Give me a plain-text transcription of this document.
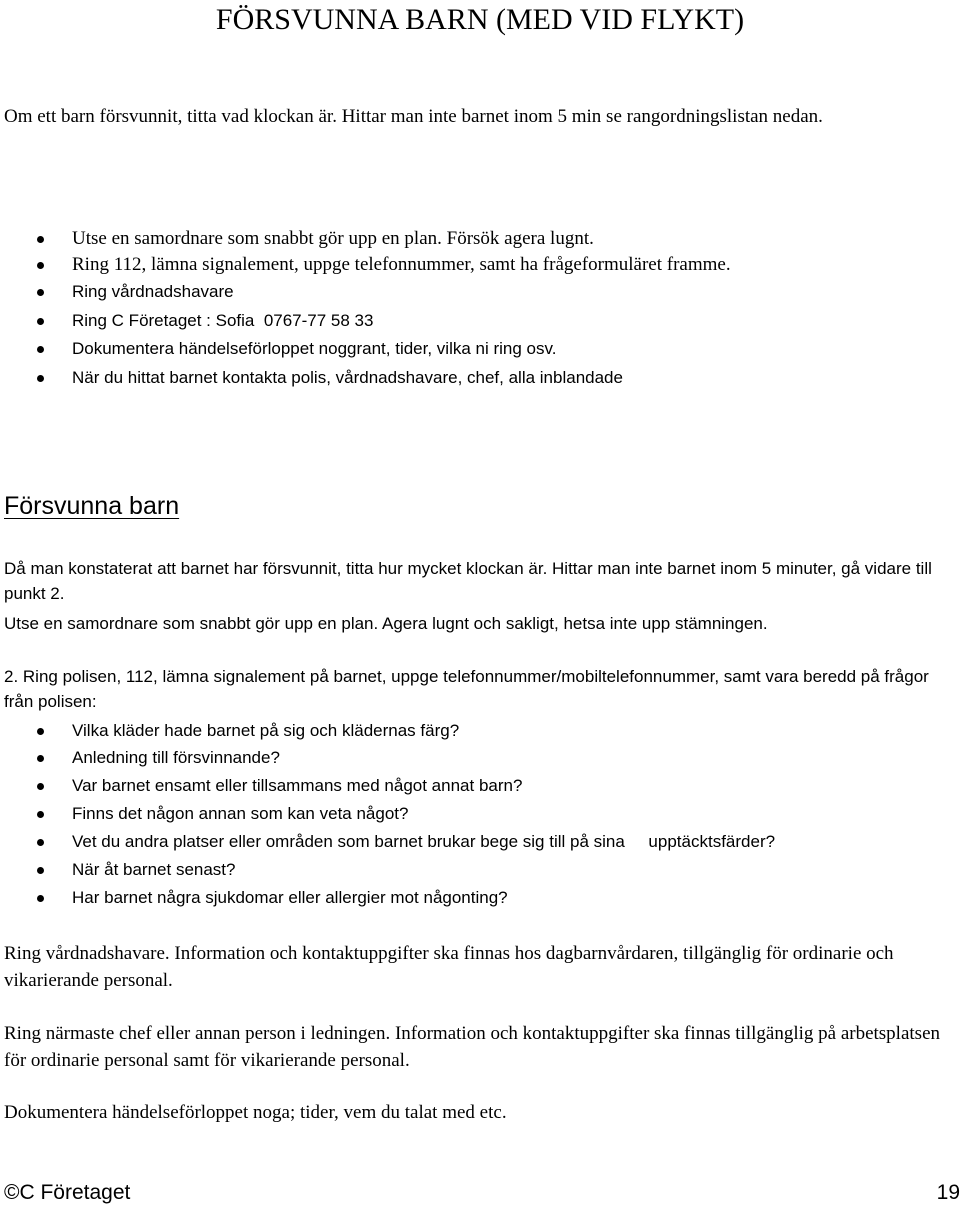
FÖRSVUNNA BARN (MED VID FLYKT)

Om ett barn försvunnit, titta vad klockan är. Hittar man inte barnet inom 5 min se rangordningslistan nedan.

Utse en samordnare som snabbt gör upp en plan. Försök agera lugnt.
Ring 112, lämna signalement, uppge telefonnummer, samt ha frågeformuläret framme.
Ring vårdnadshavare
Ring C Företaget : Sofia  0767-77 58 33
Dokumentera händelseförloppet noggrant, tider, vilka ni ring osv.
När du hittat barnet kontakta polis, vårdnadshavare, chef, alla inblandade
Försvunna barn

Då man konstaterat att barnet har försvunnit, titta hur mycket klockan är. Hittar man inte barnet inom 5 minuter, gå vidare till punkt 2.

Utse en samordnare som snabbt gör upp en plan. Agera lugnt och sakligt, hetsa inte upp stämningen.

2. Ring polisen, 112, lämna signalement på barnet, uppge telefonnummer/mobiltelefonnummer, samt vara beredd på frågor från polisen:

Vilka kläder hade barnet på sig och klädernas färg?
Anledning till försvinnande?
Var barnet ensamt eller tillsammans med något annat barn?
Finns det någon annan som kan veta något?
Vet du andra platser eller områden som barnet brukar bege sig till på sina     upptäcktsfärder?
När åt barnet senast?
Har barnet några sjukdomar eller allergier mot någonting?

Ring vårdnadshavare. Information och kontaktuppgifter ska finnas hos dagbarnvårdaren, tillgänglig för ordinarie och vikarierande personal.

Ring närmaste chef eller annan person i ledningen. Information och kontaktuppgifter ska finnas tillgänglig på arbetsplatsen för ordinarie personal samt för vikarierande personal.

Dokumentera händelseförloppet noga; tider, vem du talat med etc.

©C Företaget	19
